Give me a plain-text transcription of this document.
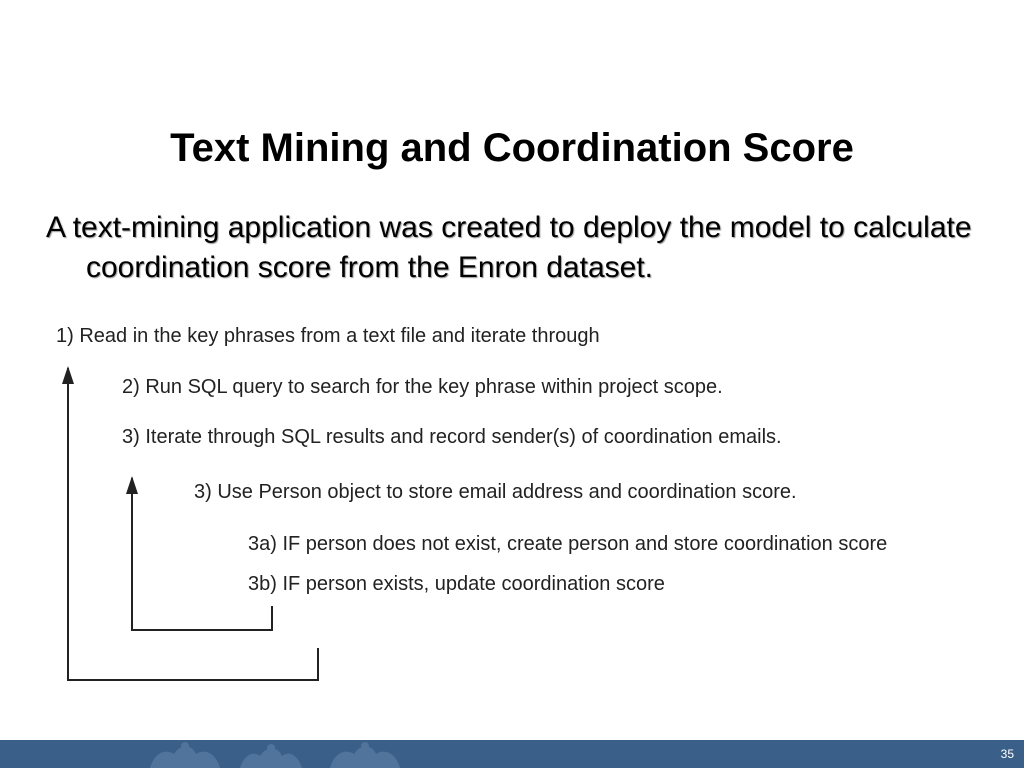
Text Mining and Coordination Score

A text-mining application was created to deploy the model to calculate coordination score from the Enron dataset.

1) Read in the key phrases from a text file and iterate through
2) Run SQL query to search for the key phrase within project scope.
3) Iterate through SQL results and record sender(s) of coordination emails.
3) Use Person object to store email address and coordination score.
3a) IF person does not exist, create person and store coordination score
3b) IF person exists, update coordination score
35
